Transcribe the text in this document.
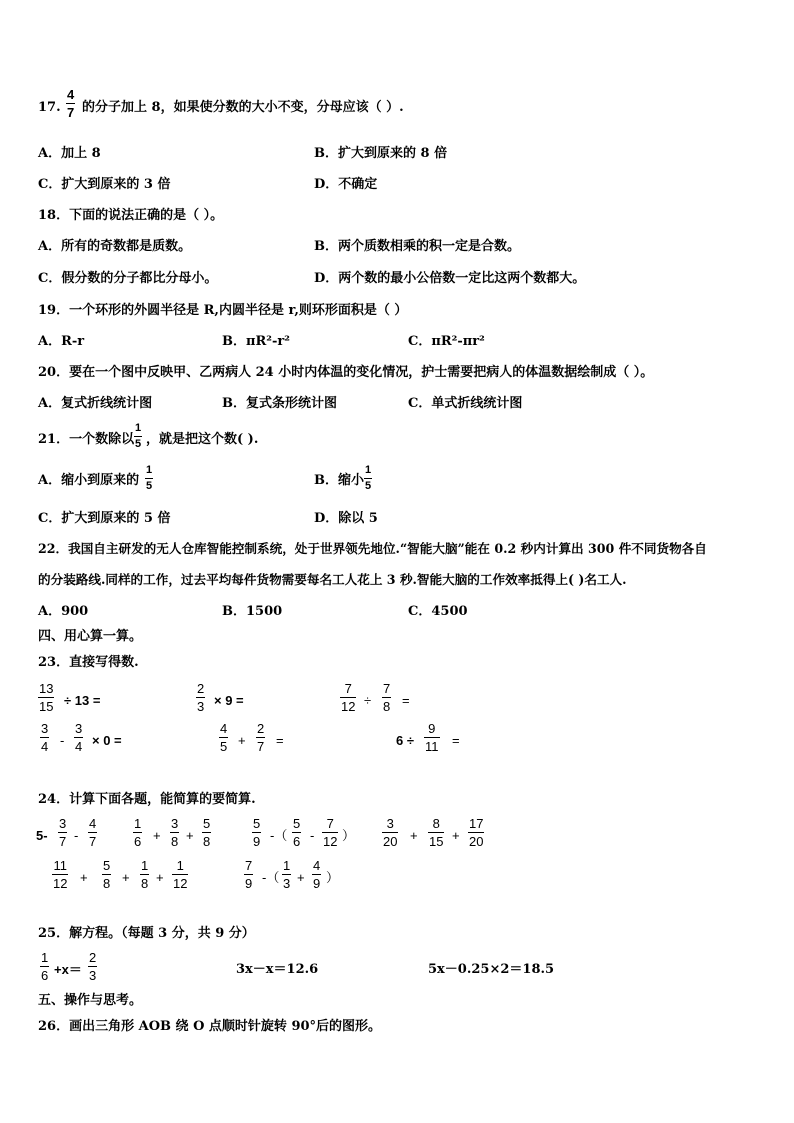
17. $\frac{4}{7}$ 的分子加上 8，如果使分数的大小不变，分母应该（ ）.
A．加上 8	B．扩大到原来的 8 倍
C．扩大到原来的 3 倍	D．不确定
18．下面的说法正确的是（ ）。
A．所有的奇数都是质数。	B．两个质数相乘的积一定是合数。
C．假分数的分子都比分母小。	D．两个数的最小公倍数一定比这两个数都大。
19．一个环形的外圆半径是 R,内圆半径是 r,则环形面积是（ ）
A．R-r	B．πR²-r²	C．πR²-πr²
20．要在一个图中反映甲、乙两病人 24 小时内体温的变化情况，护士需要把病人的体温数据绘制成（ ）。
A．复式折线统计图	B．复式条形统计图	C．单式折线统计图
21．一个数除以 $\frac{1}{5}$ ，就是把这个数( ).
A．缩小到原来的 $\frac{1}{5}$	B．缩小 $\frac{1}{5}$
C．扩大到原来的 5 倍	D．除以 5
22．我国自主研发的无人仓库智能控制系统，处于世界领先地位.“智能大脑”能在 0.2 秒内计算出 300 件不同货物各自
的分装路线.同样的工作，过去平均每件货物需要每名工人花上 3 秒.智能大脑的工作效率抵得上( )名工人.
A．900	B．1500	C．4500
四、用心算一算。
23．直接写得数.
$\frac{13}{15} \div 13$ =	$\frac{2}{3} \times 9$ =	$\frac{7}{12} \div \frac{7}{8}$ =
$\frac{3}{4} - \frac{3}{4} \times 0$ =	$\frac{4}{5} + \frac{2}{7}$ =	$6 \div \frac{9}{11}$ =
24．计算下面各题，能简算的要简算.
$5- \frac{3}{7} - \frac{4}{7}$	$\frac{1}{6} + \frac{3}{8} + \frac{5}{8}$	$\frac{5}{9}$ -（ $\frac{5}{6} - \frac{7}{12}$ ） $\frac{3}{20} + \frac{8}{15} + \frac{17}{20}$
$\frac{11}{12} + \frac{5}{8} + \frac{1}{8} + \frac{1}{12}$	$\frac{7}{9}$ -（ $\frac{1}{3} + \frac{4}{9}$ ）
25．解方程。（每题 3 分，共 9 分）
$\frac{1}{6} +x= \frac{2}{3}$	3x－x＝12.6	5x－0.25×2＝18.5
五、操作与思考。
26．画出三角形 AOB 绕 O 点顺时针旋转 90°后的图形。
